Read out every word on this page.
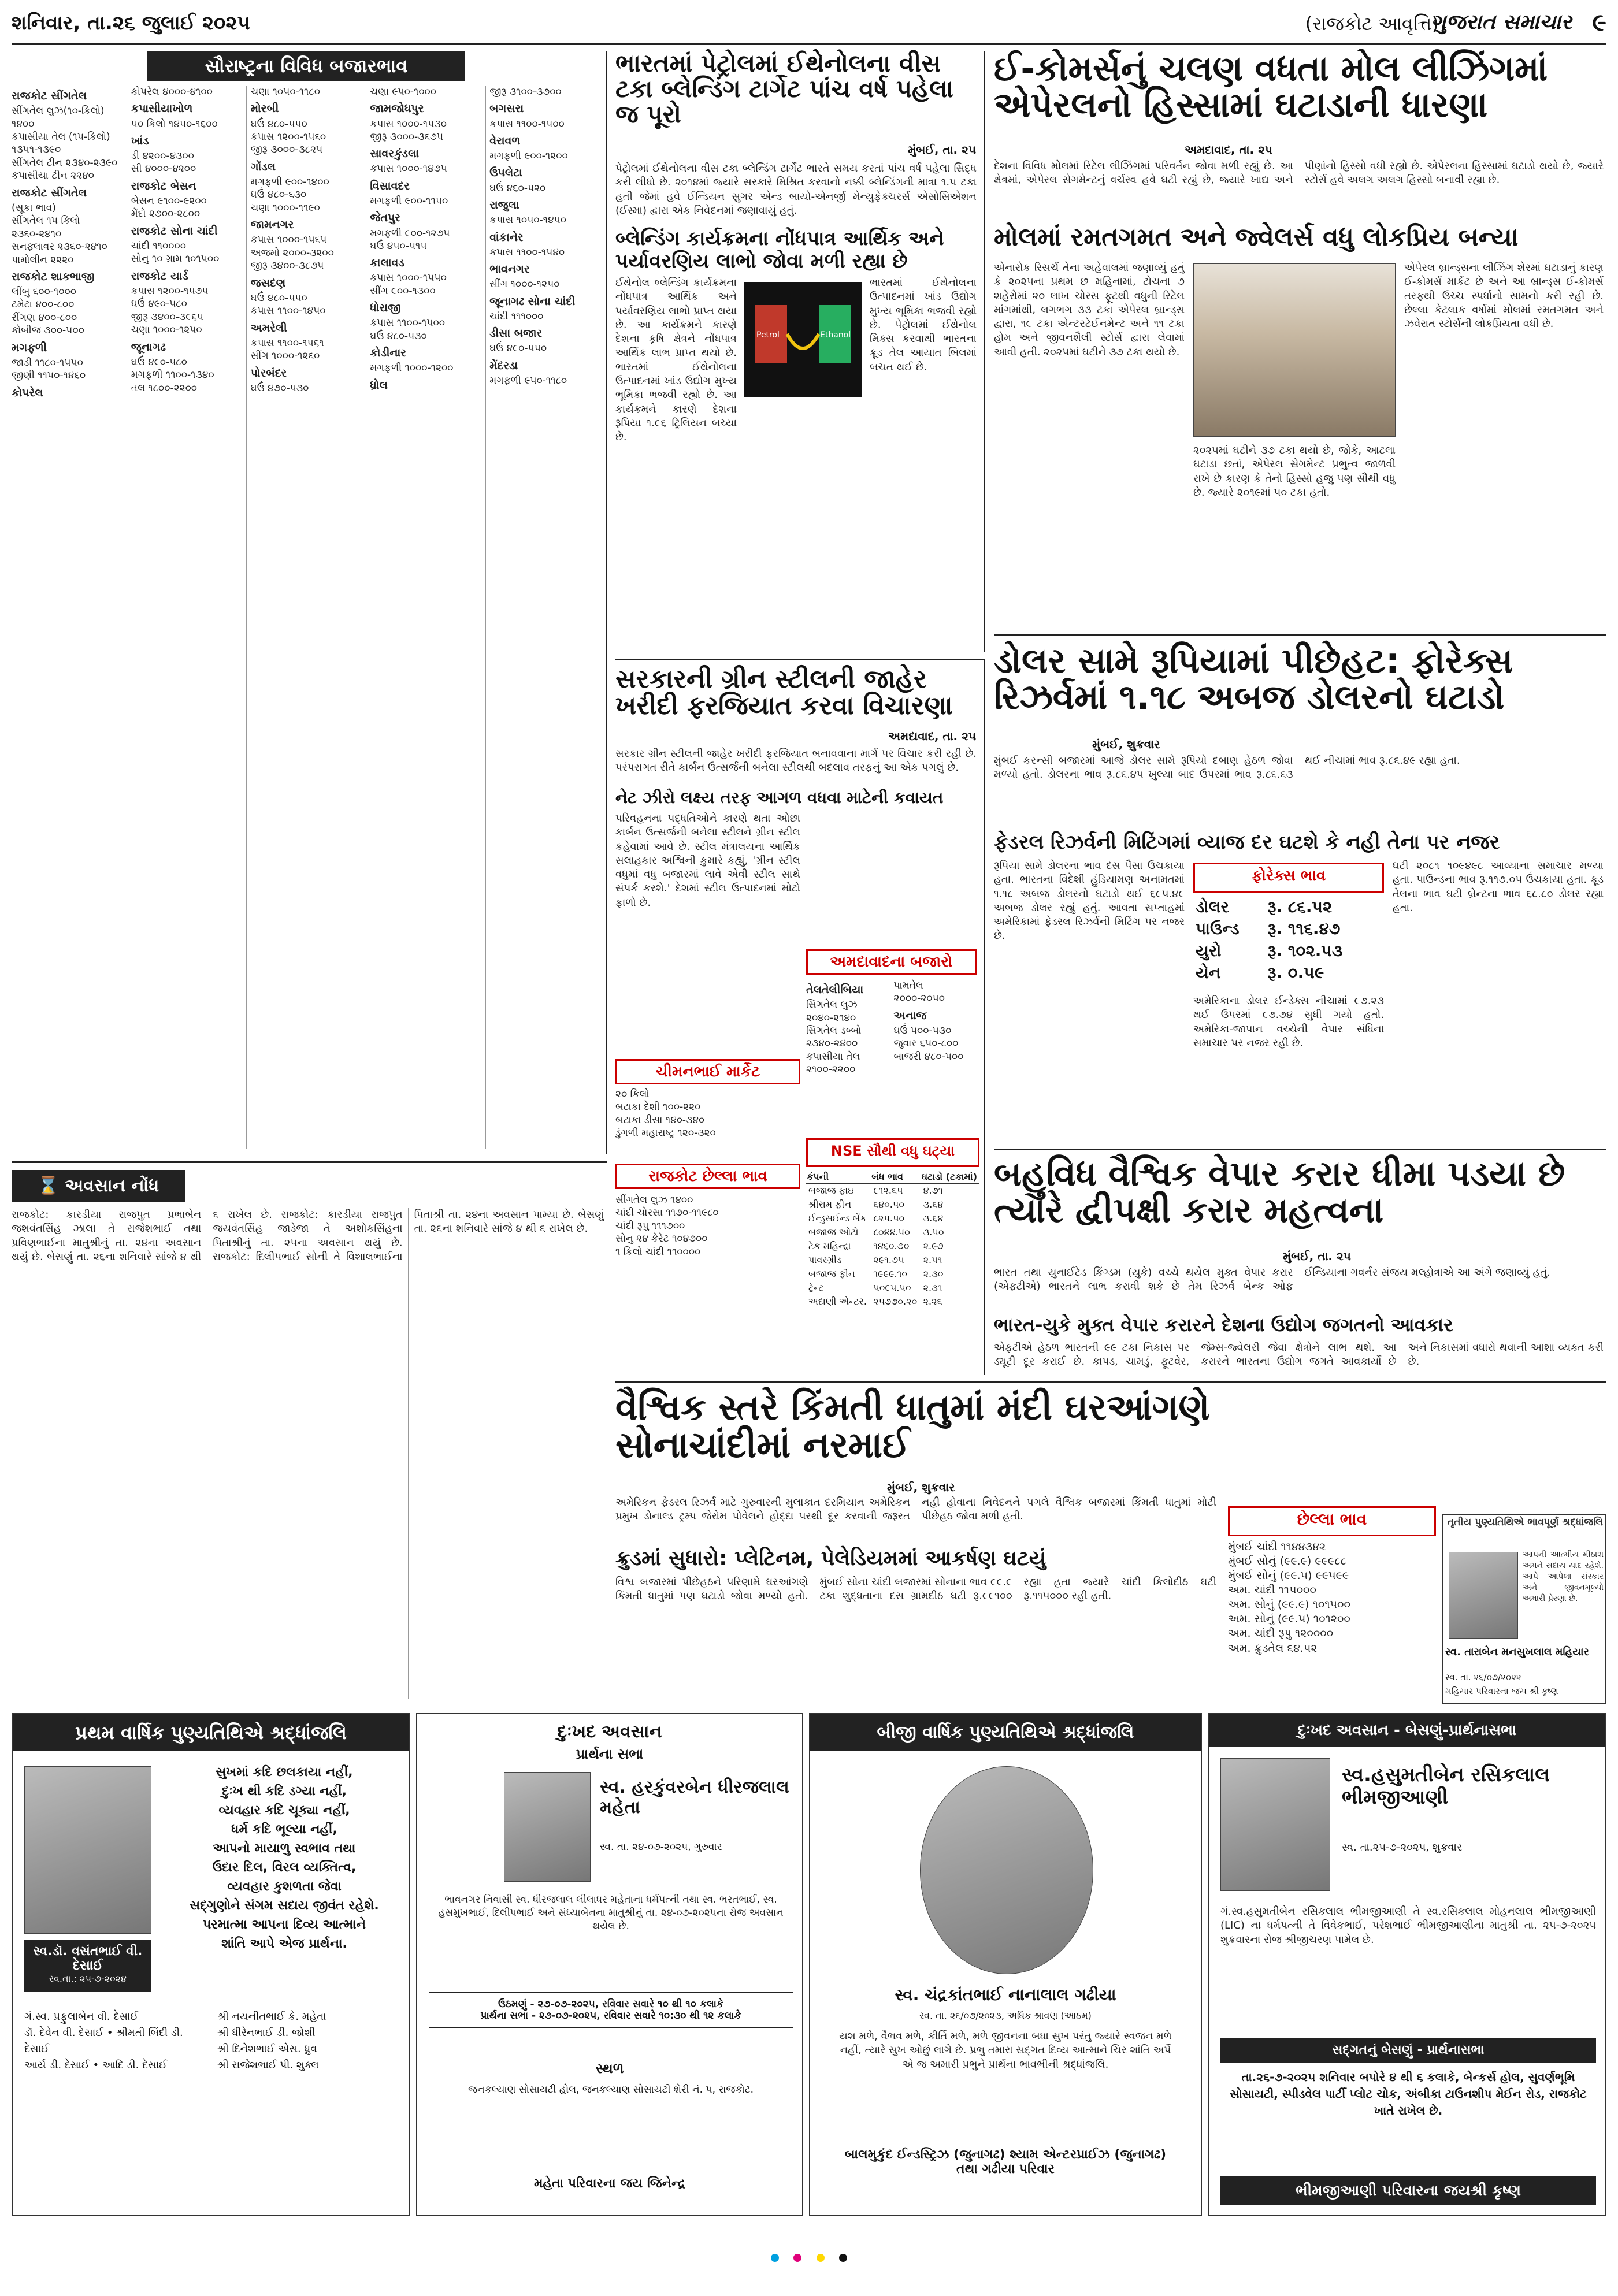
શનિવાર, તા.૨૬ જુલાઈ ૨૦૨૫	(રાજકોટ આવૃત્તિ)
ગુજરાત સમાચાર ૯
સૌરાષ્ટ્રના વિવિધ બજારભાવ
રાજકોટ સીંગતેલ
સીંગતેલ લુઝ(૧૦-કિલો) ૧૪૦૦
કપાસીયા તેલ (૧૫-કિલો) ૧૩૫૧-૧૩૯૦
સીંગતેલ ટીન ૨૩૪૦-૨૩૯૦
કપાસીયા ટીન ૨૨૪૦
રાજકોટ સીંગતેલ
(સૂકા ભાવ)
સીંગતેલ ૧૫ કિલો ૨૩૬૦-૨૪૧૦
સનફ્લાવર ૨૩૬૦-૨૪૧૦
પામોલીન ૨૨૨૦
રાજકોટ શાકભાજી
લીંબુ ૬૦૦-૧૦૦૦
ટમેટા ૪૦૦-૮૦૦
રીંગણ ૪૦૦-૮૦૦
કોબીજ ૩૦૦-૫૦૦
મગફળી
જાડી ૧૧૮૦-૧૫૫૦
જીણી ૧૧૫૦-૧૪૬૦
કોપરેલ
કોપરેલ ૪૦૦૦-૪૧૦૦
કપાસીયાખોળ
૫૦ કિલો ૧૪૫૦-૧૬૦૦
ખાંડ
ડી ૪૨૦૦-૪૩૦૦
સી ૪૦૦૦-૪૨૦૦
રાજકોટ બેસન
બેસન ૯૧૦૦-૯૨૦૦
મેંદો ૨૭૦૦-૨૮૦૦
રાજકોટ સોના ચાંદી
ચાંદી ૧૧૦૦૦૦
સોનુ ૧૦ ગ્રામ ૧૦૧૫૦૦
રાજકોટ યાર્ડ
કપાસ ૧૨૦૦-૧૫૭૫
ઘઉં ૪૯૦-૫૮૦
જીરૂ ૩૪૦૦-૩૯૬૫
ચણા ૧૦૦૦-૧૨૫૦
જૂનાગઢ
ઘઉં ૪૯૦-૫૮૦
મગફળી ૧૧૦૦-૧૩૪૦
તલ ૧૮૦૦-૨૨૦૦
ચણા ૧૦૫૦-૧૧૮૦
મોરબી
ઘઉં ૪૮૦-૫૫૦
કપાસ ૧૨૦૦-૧૫૬૦
જીરૂ ૩૦૦૦-૩૮૨૫
ગોંડલ
મગફળી ૯૦૦-૧૪૦૦
ઘઉં ૪૮૦-૬૩૦
ચણા ૧૦૦૦-૧૧૯૦
જામનગર
કપાસ ૧૦૦૦-૧૫૬૫
અજમો ૨૦૦૦-૩૨૦૦
જીરૂ ૩૪૦૦-૩૮૭૫
જસદણ
ઘઉં ૪૮૦-૫૫૦
કપાસ ૧૧૦૦-૧૪૫૦
અમરેલી
કપાસ ૧૧૦૦-૧૫૬૧
સીંગ ૧૦૦૦-૧૨૬૦
પોરબંદર
ઘઉં ૪૭૦-૫૩૦
ચણા ૯૫૦-૧૦૦૦
જામજોધપુર
કપાસ ૧૦૦૦-૧૫૩૦
જીરૂ ૩૦૦૦-૩૬૭૫
સાવરકુંડલા
કપાસ ૧૦૦૦-૧૪૭૫
વિસાવદર
મગફળી ૯૦૦-૧૧૫૦
જેતપુર
મગફળી ૯૦૦-૧૨૭૫
ઘઉં ૪૫૦-૫૧૫
કાલાવડ
કપાસ ૧૦૦૦-૧૫૫૦
સીંગ ૯૦૦-૧૩૦૦
ધોરાજી
કપાસ ૧૧૦૦-૧૫૦૦
ઘઉં ૪૮૦-૫૩૦
કોડીનાર
મગફળી ૧૦૦૦-૧૨૦૦
ધ્રોલ
જીરૂ ૩૧૦૦-૩૭૦૦
બગસરા
કપાસ ૧૧૦૦-૧૫૦૦
વેરાવળ
મગફળી ૯૦૦-૧૨૦૦
ઉપલેટા
ઘઉં ૪૬૦-૫૨૦
રાજુલા
કપાસ ૧૦૫૦-૧૪૫૦
વાંકાનેર
કપાસ ૧૧૦૦-૧૫૪૦
ભાવનગર
સીંગ ૧૦૦૦-૧૨૫૦
જૂનાગઢ સોના ચાંદી
ચાંદી ૧૧૧૦૦૦
ડીસા બજાર
ઘઉં ૪૯૦-૫૫૦
મેંદરડા
મગફળી ૯૫૦-૧૧૮૦
ભારતમાં પેટ્રોલમાં ઈથેનોલના વીસ ટકા બ્લેન્ડિંગ ટાર્ગેટ પાંચ વર્ષ પહેલા જ પૂરો
મુંબઈ, તા. ૨૫
પેટ્રોલમાં ઈથેનોલના વીસ ટકા બ્લેન્ડિંગ ટાર્ગેટ ભારતે સમય કરતાં પાંચ વર્ષ પહેલા સિદ્ધ કરી લીધો છે. ૨૦૧૪માં જ્યારે સરકારે મિશ્રિત કરવાનો નક્કી બ્લેન્ડિંગની માત્રા ૧.૫ ટકા હતી જેમાં હવે ઈન્ડિયન સુગર એન્ડ બાયો-એનર્જી મેન્યુફેક્ચરર્સ એસોસિએશન (ઈસ્મા) દ્વારા એક નિવેદનમાં જણાવાયું હતું.
બ્લેન્ડિંગ કાર્યક્રમના નોંધપાત્ર આર્થિક અને પર્યાવરણિય લાભો જોવા મળી રહ્યા છે
ઈથેનોલ બ્લેન્ડિંગ કાર્યક્રમના નોંધપાત્ર આર્થિક અને પર્યાવરણિય લાભો પ્રાપ્ત થયા છે. આ કાર્યક્રમને કારણે દેશના કૃષિ ક્ષેત્રને નોંધપાત્ર આર્થિક લાભ પ્રાપ્ત થયો છે. ભારતમાં ઈથેનોલના ઉત્પાદનમાં ખાંડ ઉદ્યોગ મુખ્ય ભૂમિકા ભજવી રહ્યો છે. આ કાર્યક્રમને કારણે દેશના રૂપિયા ૧.૯૬ ટ્રિલિયન બચ્યા છે.
Petrol	Ethanol
ભારતમાં ઈથેનોલના ઉત્પાદનમાં ખાંડ ઉદ્યોગ મુખ્ય ભૂમિકા ભજવી રહ્યો છે. પેટ્રોલમાં ઈથેનોલ મિક્સ કરવાથી ભારતના ક્રૂડ તેલ આયાત બિલમાં બચત થઈ છે.
સરકારની ગ્રીન સ્ટીલની જાહેર ખરીદી ફરજિયાત કરવા વિચારણા
અમદાવાદ, તા. ૨૫
સરકાર ગ્રીન સ્ટીલની જાહેર ખરીદી ફરજિયાત બનાવવાના માર્ગ પર વિચાર કરી રહી છે. પરંપરાગત રીતે કાર્બન ઉત્સર્જની બનેલા સ્ટીલથી બદલાવ તરફનું આ એક પગલું છે.
નેટ ઝીરો લક્ષ્ય તરફ આગળ વધવા માટેની કવાયત
પરિવહનના પદ્ધતિઓને કારણે થતા ઓછા કાર્બન ઉત્સર્જની બનેલા સ્ટીલને ગ્રીન સ્ટીલ કહેવામાં આવે છે. સ્ટીલ મંત્રાલયના આર્થિક સલાહકાર અશ્વિની કુમારે કહ્યું, 'ગ્રીન સ્ટીલ વધુમાં વધુ બજારમાં લાવે એવી સ્ટીલ સાથે સંપર્ક કરશે.' દેશમાં સ્ટીલ ઉત્પાદનમાં મોટો ફાળો છે.
અમદાવાદના બજારો
તેલતેલીબિયા
સિંગતેલ લુઝ ૨૦૪૦-૨૧૪૦
સિંગતેલ ડબ્બો ૨૩૪૦-૨૪૦૦
કપાસીયા તેલ ૨૧૦૦-૨૨૦૦
પામતેલ ૨૦૦૦-૨૦૫૦
અનાજ
ઘઉં ૫૦૦-૫૩૦
જુવાર ૬૫૦-૮૦૦
બાજરી ૪૮૦-૫૦૦
ચીમનભાઈ માર્કેટ
૨૦ કિલો
બટાકા દેશી ૧૦૦-૨૨૦
બટાકા ડીસા ૧૪૦-૩૪૦
ડુંગળી મહારાષ્ટ્ર ૧૨૦-૩૨૦
રાજકોટ છેલ્લા ભાવ
સીંગતેલ લુઝ ૧૪૦૦
ચાંદી ચોરસા ૧૧૭૦-૧૧૯૮૦
ચાંદી રૂપુ ૧૧૧૭૦૦
સોનુ ૨૪ કેરેટ ૧૦૪૭૦૦
૧ કિલો ચાંદી ૧૧૦૦૦૦
NSE સૌથી વધુ ઘટ્યા
કંપની	બંધ ભાવ	ઘટાડો (ટકામાં)
બજાજ ફાઇ	૯૧૨.૬૫	૪.૭૧
શ્રીરામ ફીન	૬૪૦.૫૦	૩.૬૪
ઈન્ડુસઈન્ડ બેંક	૮૨૫.૫૦	૩.૬૪
બજાજ ઓટો	૮૦૪૪.૫૦	૩.૫૦
ટેક મહિન્દ્રા	૧૪૬૦.૭૦	૨.૯૭
પાવરગ્રીડ	૨૯૧.૭૫	૨.૫૧
બજાજ ફીન	૧૯૯૯.૧૦	૨.૩૦
ટ્રેન્ટ	૫૦૯૫.૫૦	૨.૩૧
અદાણી એન્ટર.	૨૫૭૭૦.૨૦	૨.૨૬
ઈ-કોમર્સનું ચલણ વધતા મોલ લીઝિંગમાં એપેરલનો હિસ્સામાં ઘટાડાની ધારણા
અમદાવાદ, તા. ૨૫
દેશના વિવિધ મોલમાં રિટેલ લીઝિંગમાં પરિવર્તન જોવા મળી રહ્યું છે. આ ક્ષેત્રમાં, એપેરલ સેગમેન્ટનું વર્ચસ્વ હવે ઘટી રહ્યું છે, જ્યારે ખાદ્ય અને પીણાંનો હિસ્સો વધી રહ્યો છે. એપેરલના હિસ્સામાં ઘટાડો થયો છે, જ્યારે સ્ટોર્સ હવે અલગ અલગ હિસ્સો બનાવી રહ્યા છે.
મોલમાં રમતગમત અને જ્વેલર્સ વધુ લોકપ્રિય બન્યા
એનારોક રિસર્ચ તેના અહેવાલમાં જણાવ્યું હતું કે ૨૦૨૫ના પ્રથમ છ મહિનામાં, ટોચના ૭ શહેરોમાં ૨૦ લાખ ચોરસ ફૂટથી વધુની રિટેલ માંગમાંથી, લગભગ ૩૩ ટકા એપેરલ બ્રાન્ડ્સ દ્વારા, ૧૯ ટકા એન્ટરટેઈનમેન્ટ અને ૧૧ ટકા હોમ અને જીવનશૈલી સ્ટોર્સ દ્વારા લેવામાં આવી હતી. ૨૦૨૫માં ઘટીને ૩૭ ટકા થયો છે.
૨૦૨૫માં ઘટીને ૩૭ ટકા થયો છે, જોકે, આટલા ઘટાડા છતાં, એપેરલ સેગમેન્ટ પ્રભુત્વ જાળવી રાખે છે કારણ કે તેનો હિસ્સો હજુ પણ સૌથી વધુ છે. જ્યારે ૨૦૧૯માં ૫૦ ટકા હતો.
એપેરલ બ્રાન્ડ્સના લીઝિંગ શેરમાં ઘટાડાનું કારણ ઈ-કોમર્સ માર્કેટ છે અને આ બ્રાન્ડ્સ ઈ-કોમર્સ તરફથી ઉચ્ચ સ્પર્ધાનો સામનો કરી રહી છે. છેલ્લા કેટલાક વર્ષોમાં મોલમાં રમતગમત અને ઝવેરાત સ્ટોર્સની લોકપ્રિયતા વધી છે.
ડોલર સામે રૂપિયામાં પીછેહટ: ફોરેક્સ રિઝર્વમાં ૧.૧૮ અબજ ડોલરનો ઘટાડો
મુંબઈ, શુક્રવાર
મુંબઈ કરન્સી બજારમાં આજે ડોલર સામે રૂપિયો દબાણ હેઠળ જોવા મળ્યો હતો. ડોલરના ભાવ રૂ.૮૬.૪૫ ખુલ્યા બાદ ઉપરમાં ભાવ રૂ.૮૬.૬૩ થઈ નીચામાં ભાવ રૂ.૮૬.૪૯ રહ્યા હતા.
ફેડરલ રિઝર્વની મિટિંગમાં વ્યાજ દર ઘટશે કે નહી તેના પર નજર
રૂપિયા સામે ડોલરના ભાવ દસ પૈસા ઉંચકાયા હતા. ભારતના વિદેશી હુંડિયામણ અનામતમાં ૧.૧૮ અબજ ડોલરનો ઘટાડો થઈ ૬૯૫.૪૯ અબજ ડોલર રહ્યું હતું. આવતા સપ્તાહમાં અમેરિકામાં ફેડરલ રિઝર્વની મિટિંગ પર નજર છે.
ફોરેક્સ ભાવ
ડોલર	રૂ. ૮૬.૫૨
પાઉન્ડ	રૂ. ૧૧૬.૪૭
યુરો	રૂ. ૧૦૨.૫૩
યેન	રૂ. ૦.૫૯
અમેરિકાના ડોલર ઈન્ડેક્સ નીચામાં ૯૭.૨૩ થઈ ઉપરમાં ૯૭.૭૪ સુધી ગયો હતો. અમેરિકા-જાપાન વચ્ચેની વેપાર સંધિના સમાચાર પર નજર રહી છે.
ઘટી ૨૦૮૧ ૧૦૯૪૯૮ આવ્યાના સમાચાર મળ્યા હતા. પાઉન્ડના ભાવ રૂ.૧૧૭.૦૫ ઉંચકાયા હતા. ક્રૂડ તેલના ભાવ ઘટી બ્રેન્ટના ભાવ ૬૮.૮૦ ડોલર રહ્યા હતા.
બહુવિધ વૈશ્વિક વેપાર કરાર ધીમા પડયા છે ત્યારે દ્વીપક્ષી કરાર મહત્વના
મુંબઈ, તા. ૨૫
ભારત તથા યુનાઈટેડ કિંગ્ડમ (યુકે) વચ્ચે થયેલ મુક્ત વેપાર કરાર (એફટીએ) ભારતને લાભ કરાવી શકે છે તેમ રિઝર્વ બેન્ક ઓફ ઈન્ડિયાના ગવર્નર સંજય મલ્હોત્રાએ આ અંગે જણાવ્યું હતું.
ભારત-યુકે મુક્ત વેપાર કરારને દેશના ઉદ્યોગ જગતનો આવકાર
એફટીએ હેઠળ ભારતની ૯૯ ટકા નિકાસ પર ડ્યૂટી દૂર કરાઈ છે. કાપડ, ચામડું, ફૂટવેર, જેમ્સ-જ્વેલરી જેવા ક્ષેત્રોને લાભ થશે. આ કરારને ભારતના ઉદ્યોગ જગતે આવકાર્યો છે અને નિકાસમાં વધારો થવાની આશા વ્યક્ત કરી છે.
⌛ અવસાન નોંધ
રાજકોટ: કારડીયા રાજપુત પ્રભાબેન જશવંતસિંહ ઝાલા તે રાજેશભાઈ તથા પ્રવિણભાઈના માતુશ્રીનું તા. ૨૪ના અવસાન થયું છે. બેસણું તા. ૨૬ના શનિવારે સાંજે ૪ થી ૬ રાખેલ છે. રાજકોટ: કારડીયા રાજપુત જયવંતસિંહ જાડેજા તે અશોકસિંહના પિતાશ્રીનું તા. ૨૫ના અવસાન થયું છે. રાજકોટ: દિલીપભાઈ સોની તે વિશાલભાઈના પિતાશ્રી તા. ૨૪ના અવસાન પામ્યા છે. બેસણું તા. ૨૬ના શનિવારે સાંજે ૪ થી ૬ રાખેલ છે.
વૈશ્વિક સ્તરે કિંમતી ધાતુમાં મંદી ઘરઆંગણે સોનાચાંદીમાં નરમાઈ
મુંબઈ, શુક્રવાર
અમેરિકન ફેડરલ રિઝર્વ માટે ગુરુવારની મુલાકાત દરમિયાન અમેરિકન પ્રમુખ ડોનાલ્ડ ટ્રમ્પ જેરોમ પોવેલને હોદ્દા પરથી દૂર કરવાની જરૂરત નહી હોવાના નિવેદનને પગલે વૈશ્વિક બજારમાં કિંમતી ધાતુમાં મોટી પીછેહઠ જોવા મળી હતી.
ક્રુડમાં સુધારો: પ્લેટિનમ, પેલેડિયમમાં આકર્ષણ ઘટયું
વિશ્વ બજારમાં પીછેહઠને પરિણામે ઘરઆંગણે કિંમતી ધાતુમાં પણ ઘટાડો જોવા મળ્યો હતો. મુંબઈ સોના ચાંદી બજારમાં સોનાના ભાવ ૯૯.૯ ટકા શુદ્ધતાના દસ ગ્રામદીઠ ઘટી રૂ.૯૯૧૦૦ રહ્યા હતા જ્યારે ચાંદી કિલોદીઠ ઘટી રૂ.૧૧૫૦૦૦ રહી હતી.
છેલ્લા ભાવ
મુંબઈ ચાંદી ૧૧૪૪૩૪૨
મુંબઈ સોનું (૯૯.૯) ૯૯૯૮૮
મુંબઈ સોનું (૯૯.૫) ૯૯૫૯૯
અમ. ચાંદી ૧૧૫૦૦૦
અમ. સોનું (૯૯.૯) ૧૦૧૫૦૦
અમ. સોનું (૯૯.૫) ૧૦૧૨૦૦
અમ. ચાંદી રૂપુ ૧૨૦૦૦૦
અમ. ક્રુડતેલ ૬૪.૫૨
તૃતીય પુણ્યતિથિએ ભાવપૂર્ણ શ્રદ્ધાંજલિ
આપની આત્મીય મીઠાશ અમને સદાય યાદ રહેશે. આપે આપેલા સંસ્કાર અને જીવનમૂલ્યો અમારી પ્રેરણા છે.
સ્વ. તારાબેન મનસુખલાલ મહિયાર
સ્વ. તા. ૨૬/૦૭/૨૦૨૨
મહિયાર પરિવારના જય શ્રી કૃષ્ણ
પ્રથમ વાર્ષિક પુણ્યતિથિએ શ્રદ્ધાંજલિ
સુખમાં કદિ છલકાયા નહીં,
દુઃખ થી કદિ ડગ્યા નહીં,
વ્યવહાર કદિ ચૂક્યા નહીં,
ધર્મ કદિ ભૂલ્યા નહીં,
આપનો માયાળુ સ્વભાવ તથા
ઉદાર દિલ, વિરલ વ્યક્તિત્વ,
વ્યવહાર કુશળતા જેવા
સદ્ગુણોને સંગમ સદાય જીવંત રહેશે.
પરમાત્મા આપના દિવ્ય આત્માને
શાંતિ આપે એજ પ્રાર્થના.
સ્વ.ડૉ. વસંતભાઈ વી. દેસાઈ
સ્વ.તા.: ૨૫-૭-૨૦૨૪
ગં.સ્વ. પ્રફુલાબેન વી. દેસાઈ
ડૉ. દેવેન વી. દેસાઈ • શ્રીમતી બિંદી ડી. દેસાઈ
આર્ય ડી. દેસાઈ • આદિ ડી. દેસાઈ
શ્રી નયનીતભાઈ કે. મહેતા
શ્રી ધીરેનભાઈ ડી. જોશી
શ્રી દિનેશભાઈ એસ. ધ્રુવ
શ્રી રાજેશભાઈ પી. શુક્લ
દુઃખદ અવસાન
પ્રાર્થના સભા
સ્વ. હરકુંવરબેન ધીરજલાલ મહેતા
સ્વ. તા. ૨૪-૦૭-૨૦૨૫, ગુરુવાર
ભાવનગર નિવાસી સ્વ. ધીરજલાલ લીલાધર મહેતાના ધર્મપત્ની તથા સ્વ. ભરતભાઈ, સ્વ. હસમુખભાઈ, દિલીપભાઈ અને સંધ્યાબેનના માતુશ્રીનું તા. ૨૪-૦૭-૨૦૨૫ના રોજ અવસાન થયેલ છે.
ઉઠમણું - ૨૭-૦૭-૨૦૨૫, રવિવાર સવારે ૧૦ થી ૧૦ કલાકે
પ્રાર્થના સભા - ૨૭-૦૭-૨૦૨૫, રવિવાર સવારે ૧૦:૩૦ થી ૧૨ કલાકે
સ્થળ
જનકલ્યાણ સોસાયટી હોલ, જનકલ્યાણ સોસાયટી શેરી નં. ૫, રાજકોટ.
મહેતા પરિવારના જય જિનેન્દ્ર
બીજી વાર્ષિક પુણ્યતિથિએ શ્રદ્ધાંજલિ
સ્વ. ચંદ્રકાંતભાઈ નાનાલાલ ગઢીયા
સ્વ. તા. ૨૬/૦૭/૨૦૨૩, અધિક શ્રાવણ (આઠમ)
યશ મળે, વૈભવ મળે, કીર્તિ મળે, મળે જીવનના બધા સુખ પરંતુ જ્યારે સ્વજન મળે નહીં, ત્યારે સુખ ઓછું લાગે છે. પ્રભુ તમારા સદ્ગત દિવ્ય આત્માને ચિર શાંતિ અર્પે એ જ અમારી પ્રભુને પ્રાર્થના ભાવભીની શ્રદ્ધાંજલિ.
બાલમુકુંદ ઈન્ડસ્ટ્રિઝ (જુનાગઢ) શ્યામ એન્ટરપ્રાઈઝ (જુનાગઢ) તથા ગઢીયા પરિવાર
દુઃખદ અવસાન - બેસણું-પ્રાર્થનાસભા
સ્વ.હસુમતીબેન રસિકલાલ ભીમજીઆણી
સ્વ. તા.૨૫-૭-૨૦૨૫, શુક્રવાર
ગં.સ્વ.હસુમતીબેન રસિકલાલ ભીમજીઆણી તે સ્વ.રસિકલાલ મોહનલાલ ભીમજીઆણી (LIC) ના ધર્મપત્ની તે વિવેકભાઈ, પરેશભાઈ ભીમજીઆણીના માતુશ્રી તા. ૨૫-૭-૨૦૨૫ શુક્રવારના રોજ શ્રીજીચરણ પામેલ છે.
સદ્ગતનું બેસણું - પ્રાર્થનાસભા
તા.૨૬-૭-૨૦૨૫ શનિવાર બપોરે ૪ થી ૬ કલાકે, બેન્કર્સ હોલ, સુવર્ણભૂમિ સોસાયટી, સ્પીડવેલ પાર્ટી પ્લોટ ચોક, અંબીકા ટાઉનશીપ મેઈન રોડ, રાજકોટ ખાતે રાખેલ છે.
ભીમજીઆણી પરિવારના જયશ્રી કૃષ્ણ
